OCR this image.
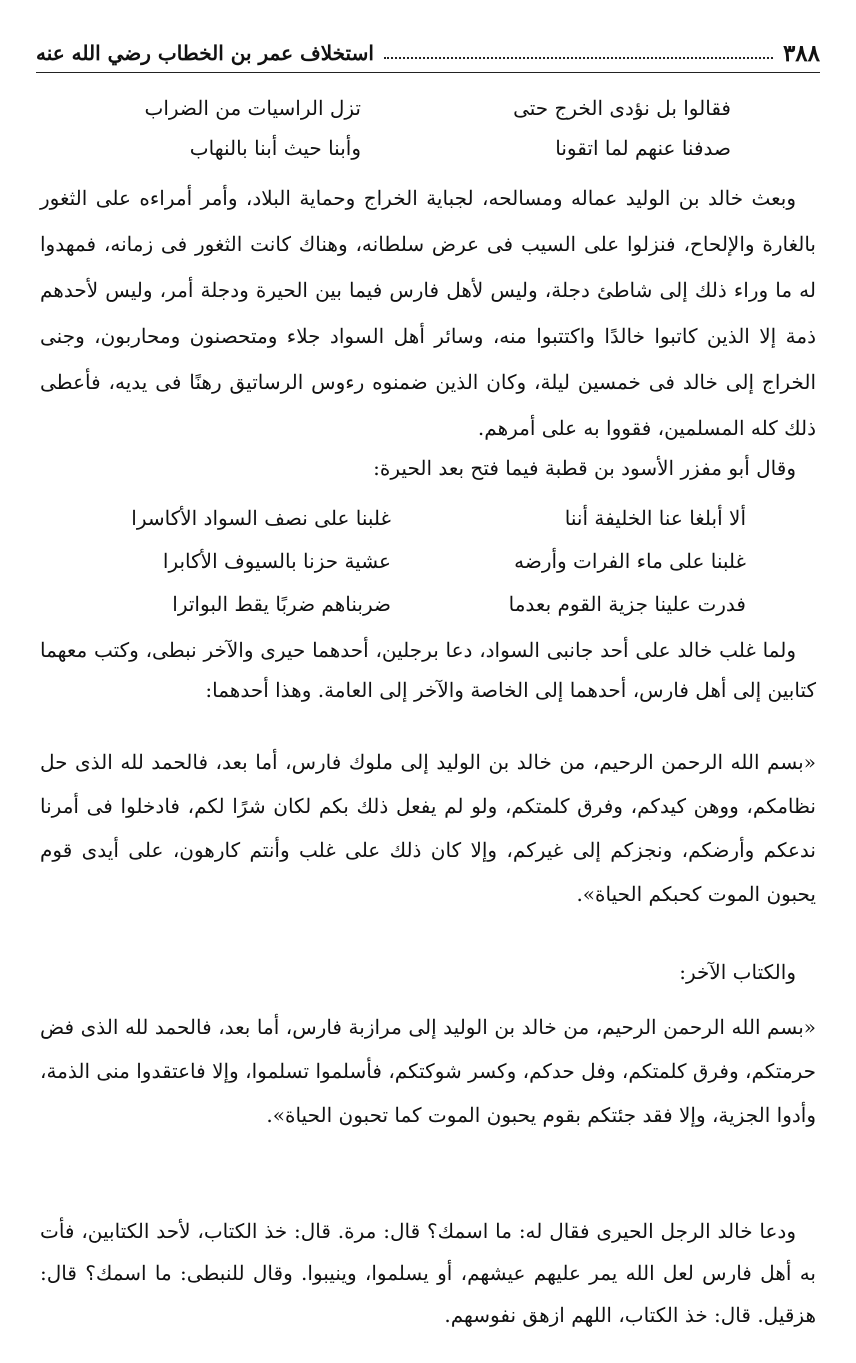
٣٨٨
استخلاف عمر بن الخطاب رضي الله عنه
فقالوا بل نؤدى الخرج حتى
تزل الراسيات من الضراب
صدفنا عنهم لما اتقونا
وأبنا حيث أبنا بالنهاب

وبعث خالد بن الوليد عماله ومسالحه، لجباية الخراج وحماية البلاد، وأمر أمراءه على الثغور بالغارة والإلحاح، فنزلوا على السيب فى عرض سلطانه، وهناك كانت الثغور فى زمانه، فمهدوا له ما وراء ذلك إلى شاطئ دجلة، وليس لأهل فارس فيما بين الحيرة ودجلة أمر، وليس لأحدهم ذمة إلا الذين كاتبوا خالدًا واكتتبوا منه، وسائر أهل السواد جلاء ومتحصنون ومحاربون، وجنى الخراج إلى خالد فى خمسين ليلة، وكان الذين ضمنوه رءوس الرساتيق رهنًا فى يديه، فأعطى ذلك كله المسلمين، فقووا به على أمرهم.

وقال أبو مفزر الأسود بن قطبة فيما فتح بعد الحيرة:

ألا أبلغا عنا الخليفة أننا
غلبنا على نصف السواد الأكاسرا
غلبنا على ماء الفرات وأرضه
عشية حزنا بالسيوف الأكابرا
فدرت علينا جزية القوم بعدما
ضربناهم ضربًا يقط البواترا

ولما غلب خالد على أحد جانبى السواد، دعا برجلين، أحدهما حيرى والآخر نبطى، وكتب معهما كتابين إلى أهل فارس، أحدهما إلى الخاصة والآخر إلى العامة. وهذا أحدهما:

«بسم الله الرحمن الرحيم، من خالد بن الوليد إلى ملوك فارس، أما بعد، فالحمد لله الذى حل نظامكم، ووهن كيدكم، وفرق كلمتكم، ولو لم يفعل ذلك بكم لكان شرًا لكم، فادخلوا فى أمرنا ندعكم وأرضكم، ونجزكم إلى غيركم، وإلا كان ذلك على غلب وأنتم كارهون، على أيدى قوم يحبون الموت كحبكم الحياة».

والكتاب الآخر:

«بسم الله الرحمن الرحيم، من خالد بن الوليد إلى مرازبة فارس، أما بعد، فالحمد لله الذى فض حرمتكم، وفرق كلمتكم، وفل حدكم، وكسر شوكتكم، فأسلموا تسلموا، وإلا فاعتقدوا منى الذمة، وأدوا الجزية، وإلا فقد جئتكم بقوم يحبون الموت كما تحبون الحياة».

ودعا خالد الرجل الحيرى فقال له: ما اسمك؟ قال: مرة. قال: خذ الكتاب، لأحد الكتابين، فأت به أهل فارس لعل الله يمر عليهم عيشهم، أو يسلموا، وينيبوا. وقال للنبطى: ما اسمك؟ قال: هزقيل. قال: خذ الكتاب، اللهم ازهق نفوسهم.
